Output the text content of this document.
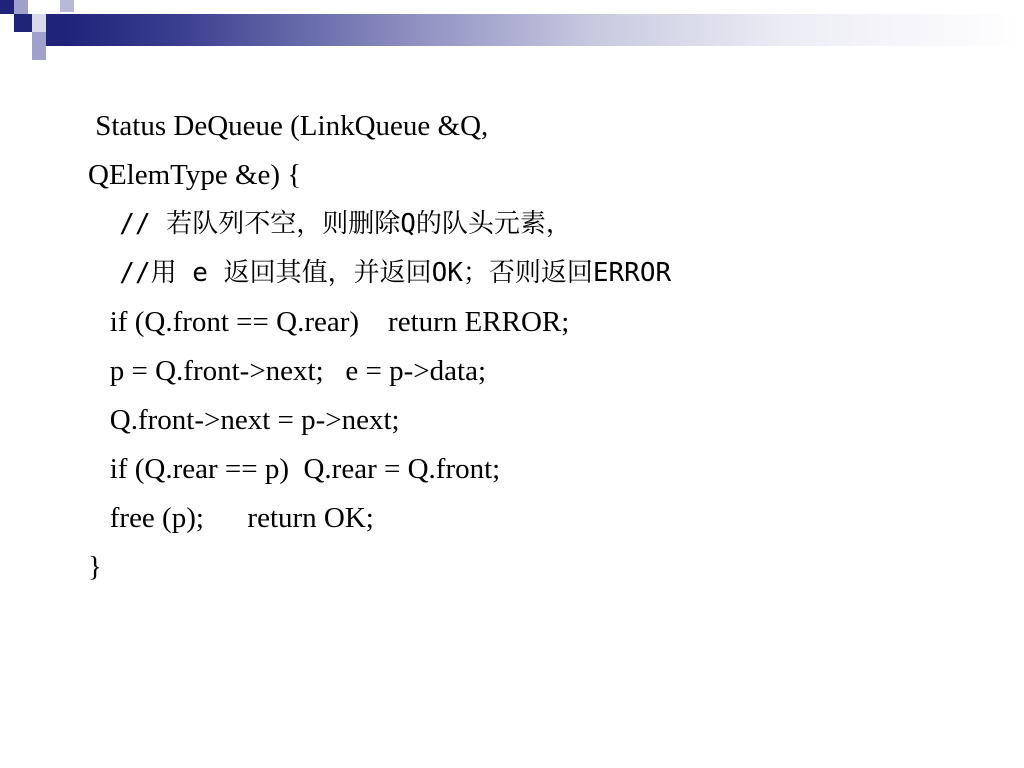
Status DeQueue (LinkQueue &Q,
QElemType &e) {
// 若队列不空，则删除Q的队头元素，
//用 e 返回其值，并返回OK；否则返回ERROR
if (Q.front == Q.rear)    return ERROR;
p = Q.front->next;   e = p->data;
Q.front->next = p->next;
if (Q.rear == p)  Q.rear = Q.front;
free (p);      return OK;
}
